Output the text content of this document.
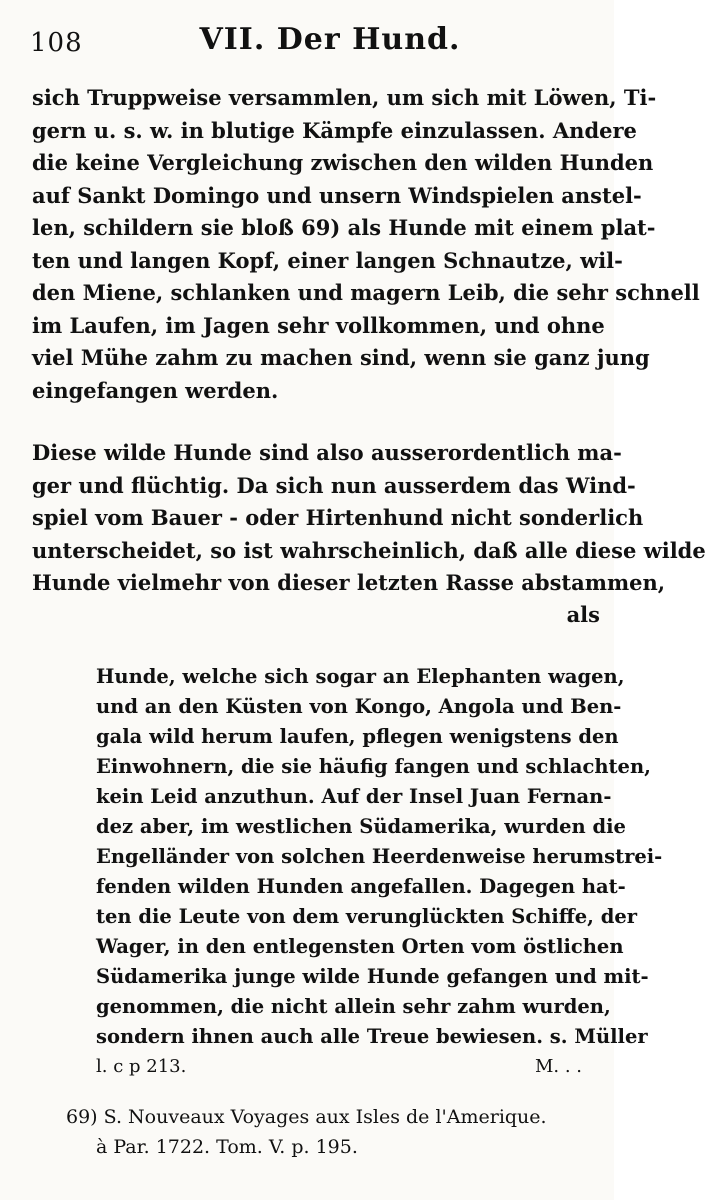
108	VII. Der Hund.
sich Truppweise versammlen, um sich mit Löwen, Ti-
gern u. s. w. in blutige Kämpfe einzulassen. Andere
die keine Vergleichung zwischen den wilden Hunden
auf Sankt Domingo und unsern Windspielen anstel-
len, schildern sie bloß 69) als Hunde mit einem plat-
ten und langen Kopf, einer langen Schnautze, wil-
den Miene, schlanken und magern Leib, die sehr schnell
im Laufen, im Jagen sehr vollkommen, und ohne
viel Mühe zahm zu machen sind, wenn sie ganz jung
eingefangen werden.
Diese wilde Hunde sind also ausserordentlich ma-
ger und flüchtig. Da sich nun ausserdem das Wind-
spiel vom Bauer - oder Hirtenhund nicht sonderlich
unterscheidet, so ist wahrscheinlich, daß alle diese wilde
Hunde vielmehr von dieser letzten Rasse abstammen,
als
Hunde, welche sich sogar an Elephanten wagen,
und an den Küsten von Kongo, Angola und Ben-
gala wild herum laufen, pflegen wenigstens den
Einwohnern, die sie häufig fangen und schlachten,
kein Leid anzuthun. Auf der Insel Juan Fernan-
dez aber, im westlichen Südamerika, wurden die
Engelländer von solchen Heerdenweise herumstrei-
fenden wilden Hunden angefallen. Dagegen hat-
ten die Leute von dem verunglückten Schiffe, der
Wager, in den entlegensten Orten vom östlichen
Südamerika junge wilde Hunde gefangen und mit-
genommen, die nicht allein sehr zahm wurden,
sondern ihnen auch alle Treue bewiesen. s. Müller
l. c p 213.	M. . .
69) S. Nouveaux Voyages aux Isles de l'Amerique.
à Par. 1722. Tom. V. p. 195.
